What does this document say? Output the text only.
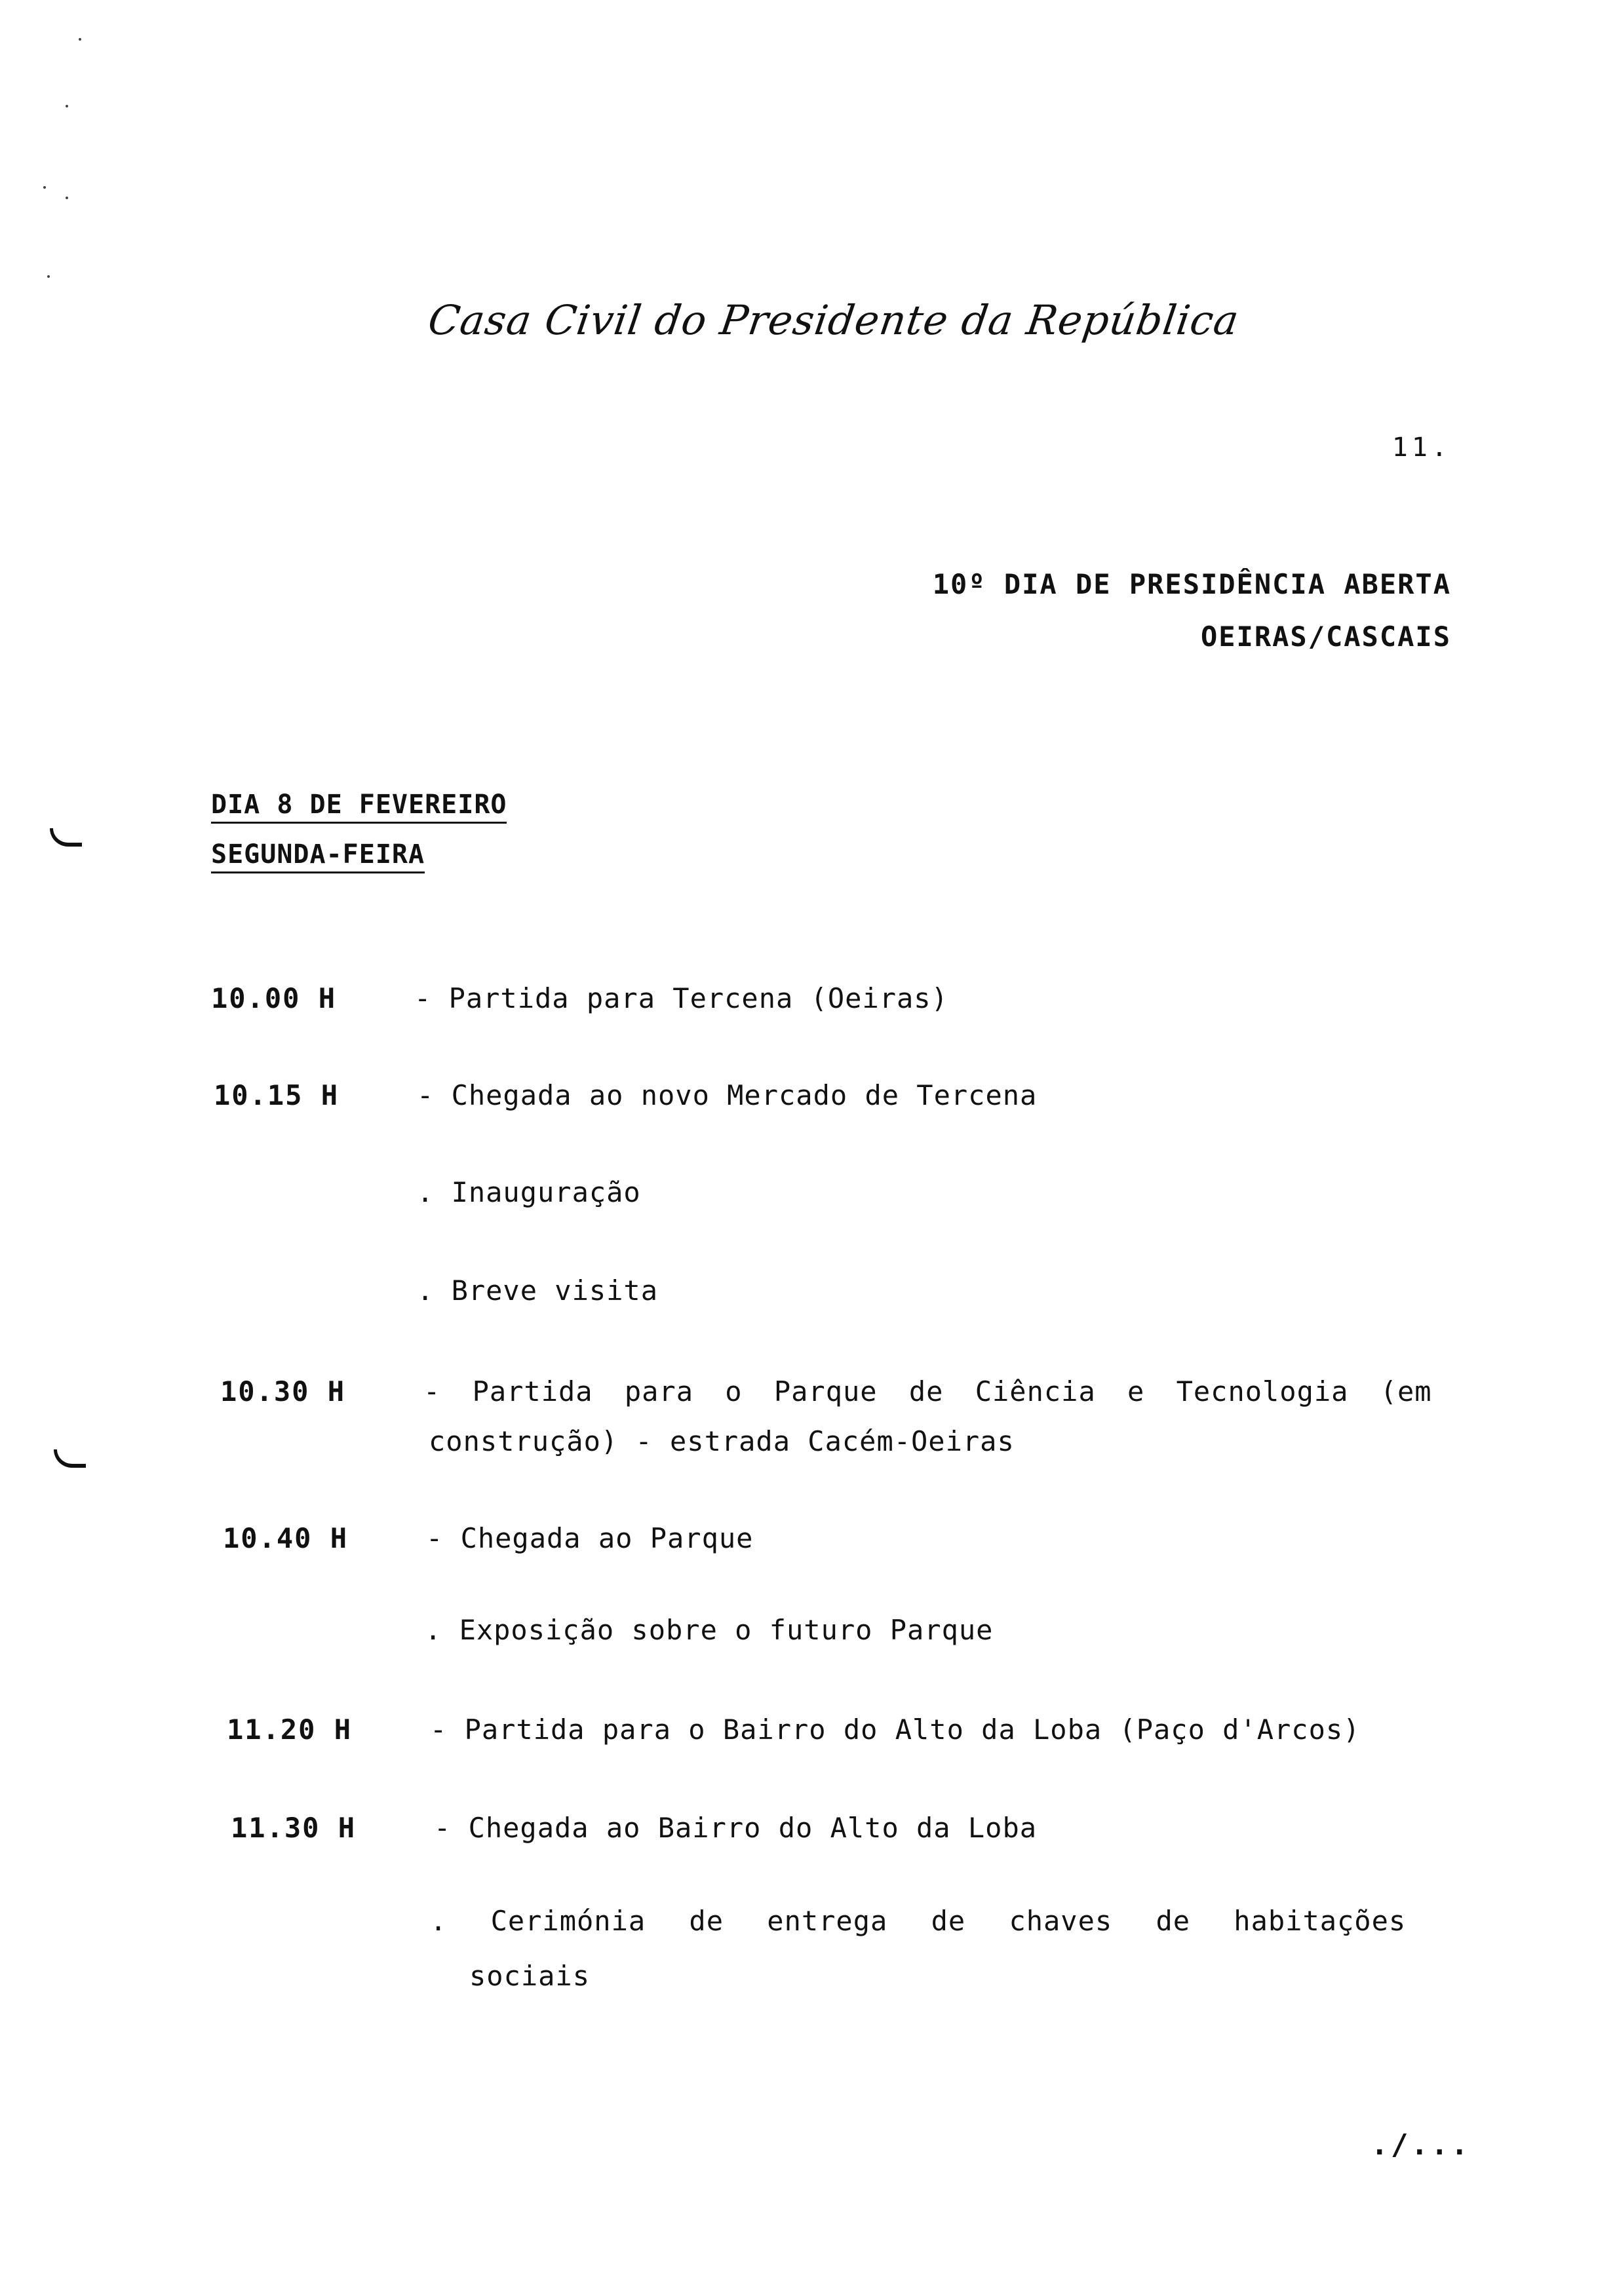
Casa Civil do Presidente da República
11.
10º DIA DE PRESIDÊNCIA ABERTA
OEIRAS/CASCAIS
DIA 8 DE FEVEREIRO
SEGUNDA-FEIRA
10.00 H	- Partida para Tercena (Oeiras)
10.15 H	- Chegada ao novo Mercado de Tercena
. Inauguração
. Breve visita
10.30 H	- Partida para o Parque de Ciência e Tecnologia (em
construção) - estrada Cacém-Oeiras
10.40 H	- Chegada ao Parque
. Exposição sobre o futuro Parque
11.20 H	- Partida para o Bairro do Alto da Loba (Paço d'Arcos)
11.30 H	- Chegada ao Bairro do Alto da Loba
. Cerimónia de entrega de chaves de habitações
sociais
./...
